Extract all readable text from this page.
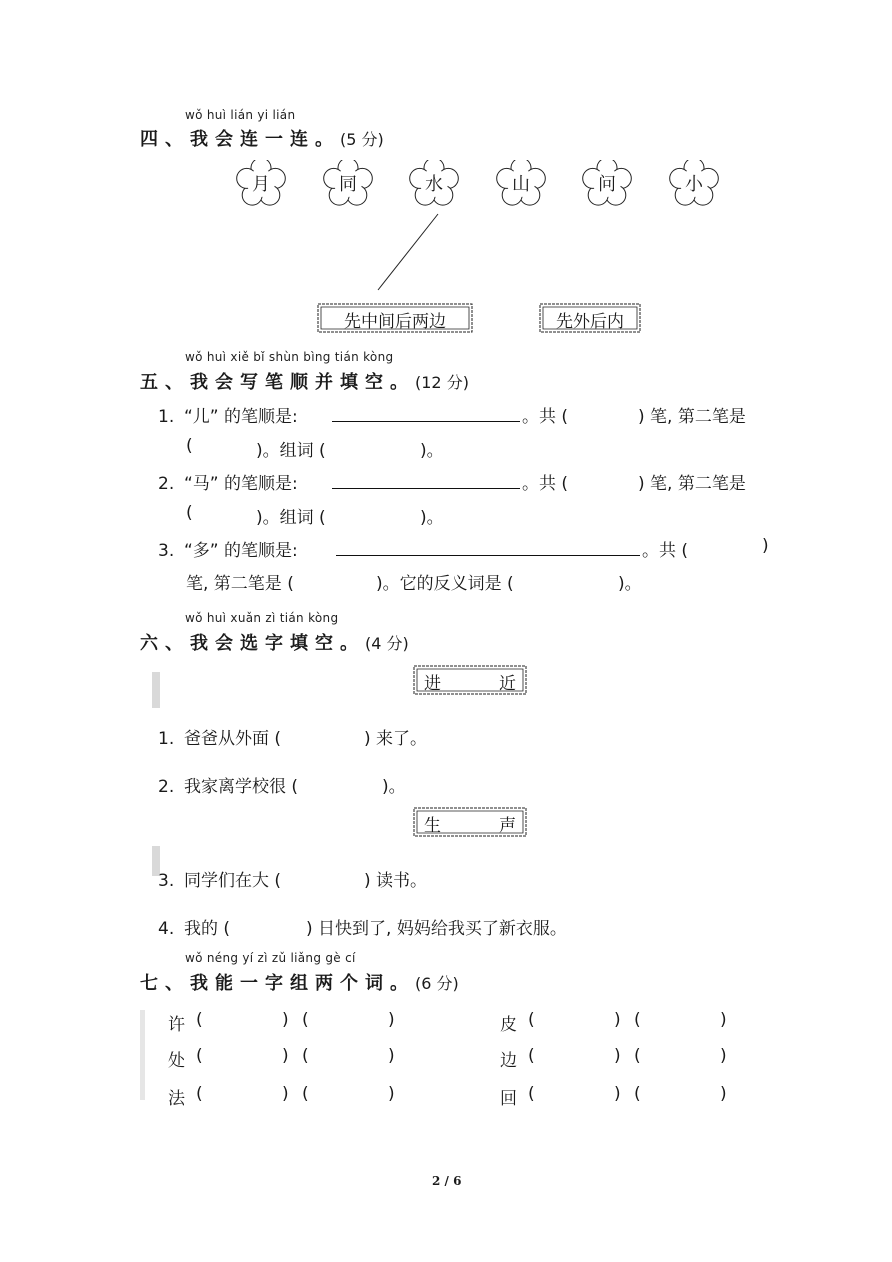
wǒ huì lián yi lián
四、我会连一连。(5 分)
月	同	水	山	问	小
先中间后两边	先外后内
wǒ huì xiě bǐ shùn bìng tián kòng
五、我会写笔顺并填空。(12 分)
1. “儿” 的笔顺是:	。共 (	) 笔, 第二笔是
(	)。组词 (	)。
2. “马” 的笔顺是:	。共 (	) 笔, 第二笔是
(	)。组词 (	)。
3. “多” 的笔顺是:	。共 (	)
笔, 第二笔是 (	)。它的反义词是 (	)。
wǒ huì xuǎn zì tián kòng
六、我会选字填空。(4 分)
进	近
1. 爸爸从外面 (	) 来了。
2. 我家离学校很 (	)。
生	声
3. 同学们在大 (	) 读书。
4. 我的 (	) 日快到了, 妈妈给我买了新衣服。
wǒ néng yí zì zǔ liǎng gè cí
七、我能一字组两个词。(6 分)
许 (	) (	)	皮 (	) (	)
处 (	) (	)	边 (	) (	)
法 (	) (	)	回 (	) (	)
2 / 6
